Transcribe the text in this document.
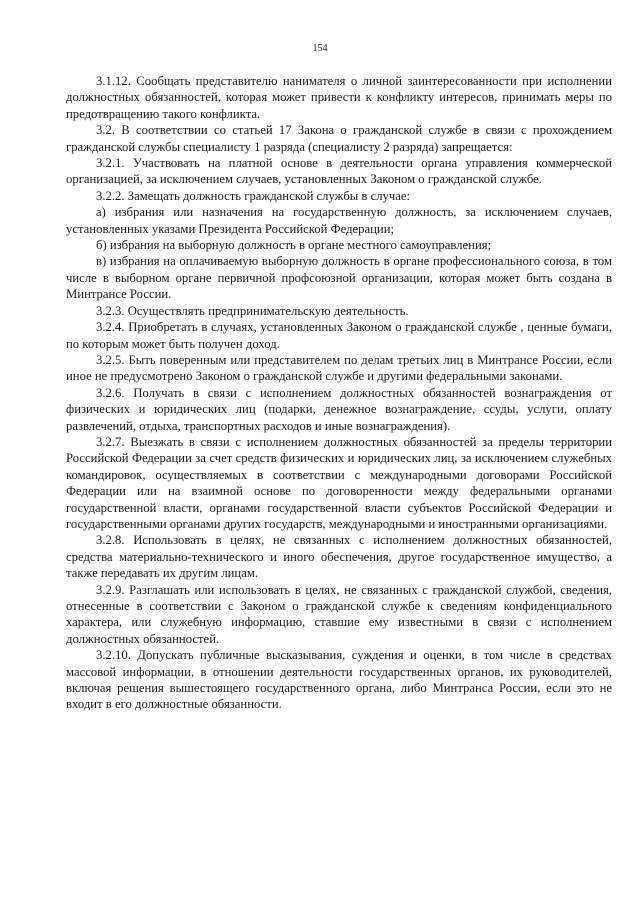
154

3.1.12. Сообщать представителю нанимателя о личной заинтересованности при исполнении должностных обязанностей, которая может привести к конфликту интересов, принимать меры по предотвращению такого конфликта.

3.2. В соответствии со статьей 17 Закона о гражданской службе в связи с прохождением гражданской службы специалисту 1 разряда (специалисту 2 разряда) запрещается:

3.2.1. Участвовать на платной основе в деятельности органа управления коммерческой организацией, за исключением случаев, установленных Законом о гражданской службе.

3.2.2. Замещать должность гражданской службы в случае:

а) избрания или назначения на государственную должность, за исключением случаев, установленных указами Президента Российской Федерации;

б) избрания на выборную должность в органе местного самоуправления;

в) избрания на оплачиваемую выборную должность в органе профессионального союза, в том числе в выборном органе первичной профсоюзной организации, которая может быть создана в Минтрансе России.

3.2.3. Осуществлять предпринимательскую деятельность.

3.2.4. Приобретать в случаях, установленных Законом о гражданской службе , ценные бумаги, по которым может быть получен доход.

3.2.5. Быть поверенным или представителем по делам третьих лиц в Минтрансе России, если иное не предусмотрено Законом о гражданской службе и другими федеральными законами.

3.2.6. Получать в связи с исполнением должностных обязанностей вознаграждения от физических и юридических лиц (подарки, денежное вознаграждение, ссуды, услуги, оплату развлечений, отдыха, транспортных расходов и иные вознаграждения).

3.2.7. Выезжать в связи с исполнением должностных обязанностей за пределы территории Российской Федерации за счет средств физических и юридических лиц, за исключением служебных командировок, осуществляемых в соответствии с международными договорами Российской Федерации или на взаимной основе по договоренности между федеральными органами государственной власти, органами государственной власти субъектов Российской Федерации и государственными органами других государств, международными и иностранными организациями.

3.2.8. Использовать в целях, не связанных с исполнением должностных обязанностей, средства материально-технического и иного обеспечения, другое государственное имущество, а также передавать их другим лицам.

3.2.9. Разглашать или использовать в целях, не связанных с гражданской службой, сведения, отнесенные в соответствии с Законом о гражданской службе к сведениям конфиденциального характера, или служебную информацию, ставшие ему известными в связи с исполнением должностных обязанностей.

3.2.10. Допускать публичные высказывания, суждения и оценки, в том числе в средствах массовой информации, в отношении деятельности государственных органов, их руководителей, включая решения вышестоящего государственного органа, либо Минтранса России, если это не входит в его должностные обязанности.
